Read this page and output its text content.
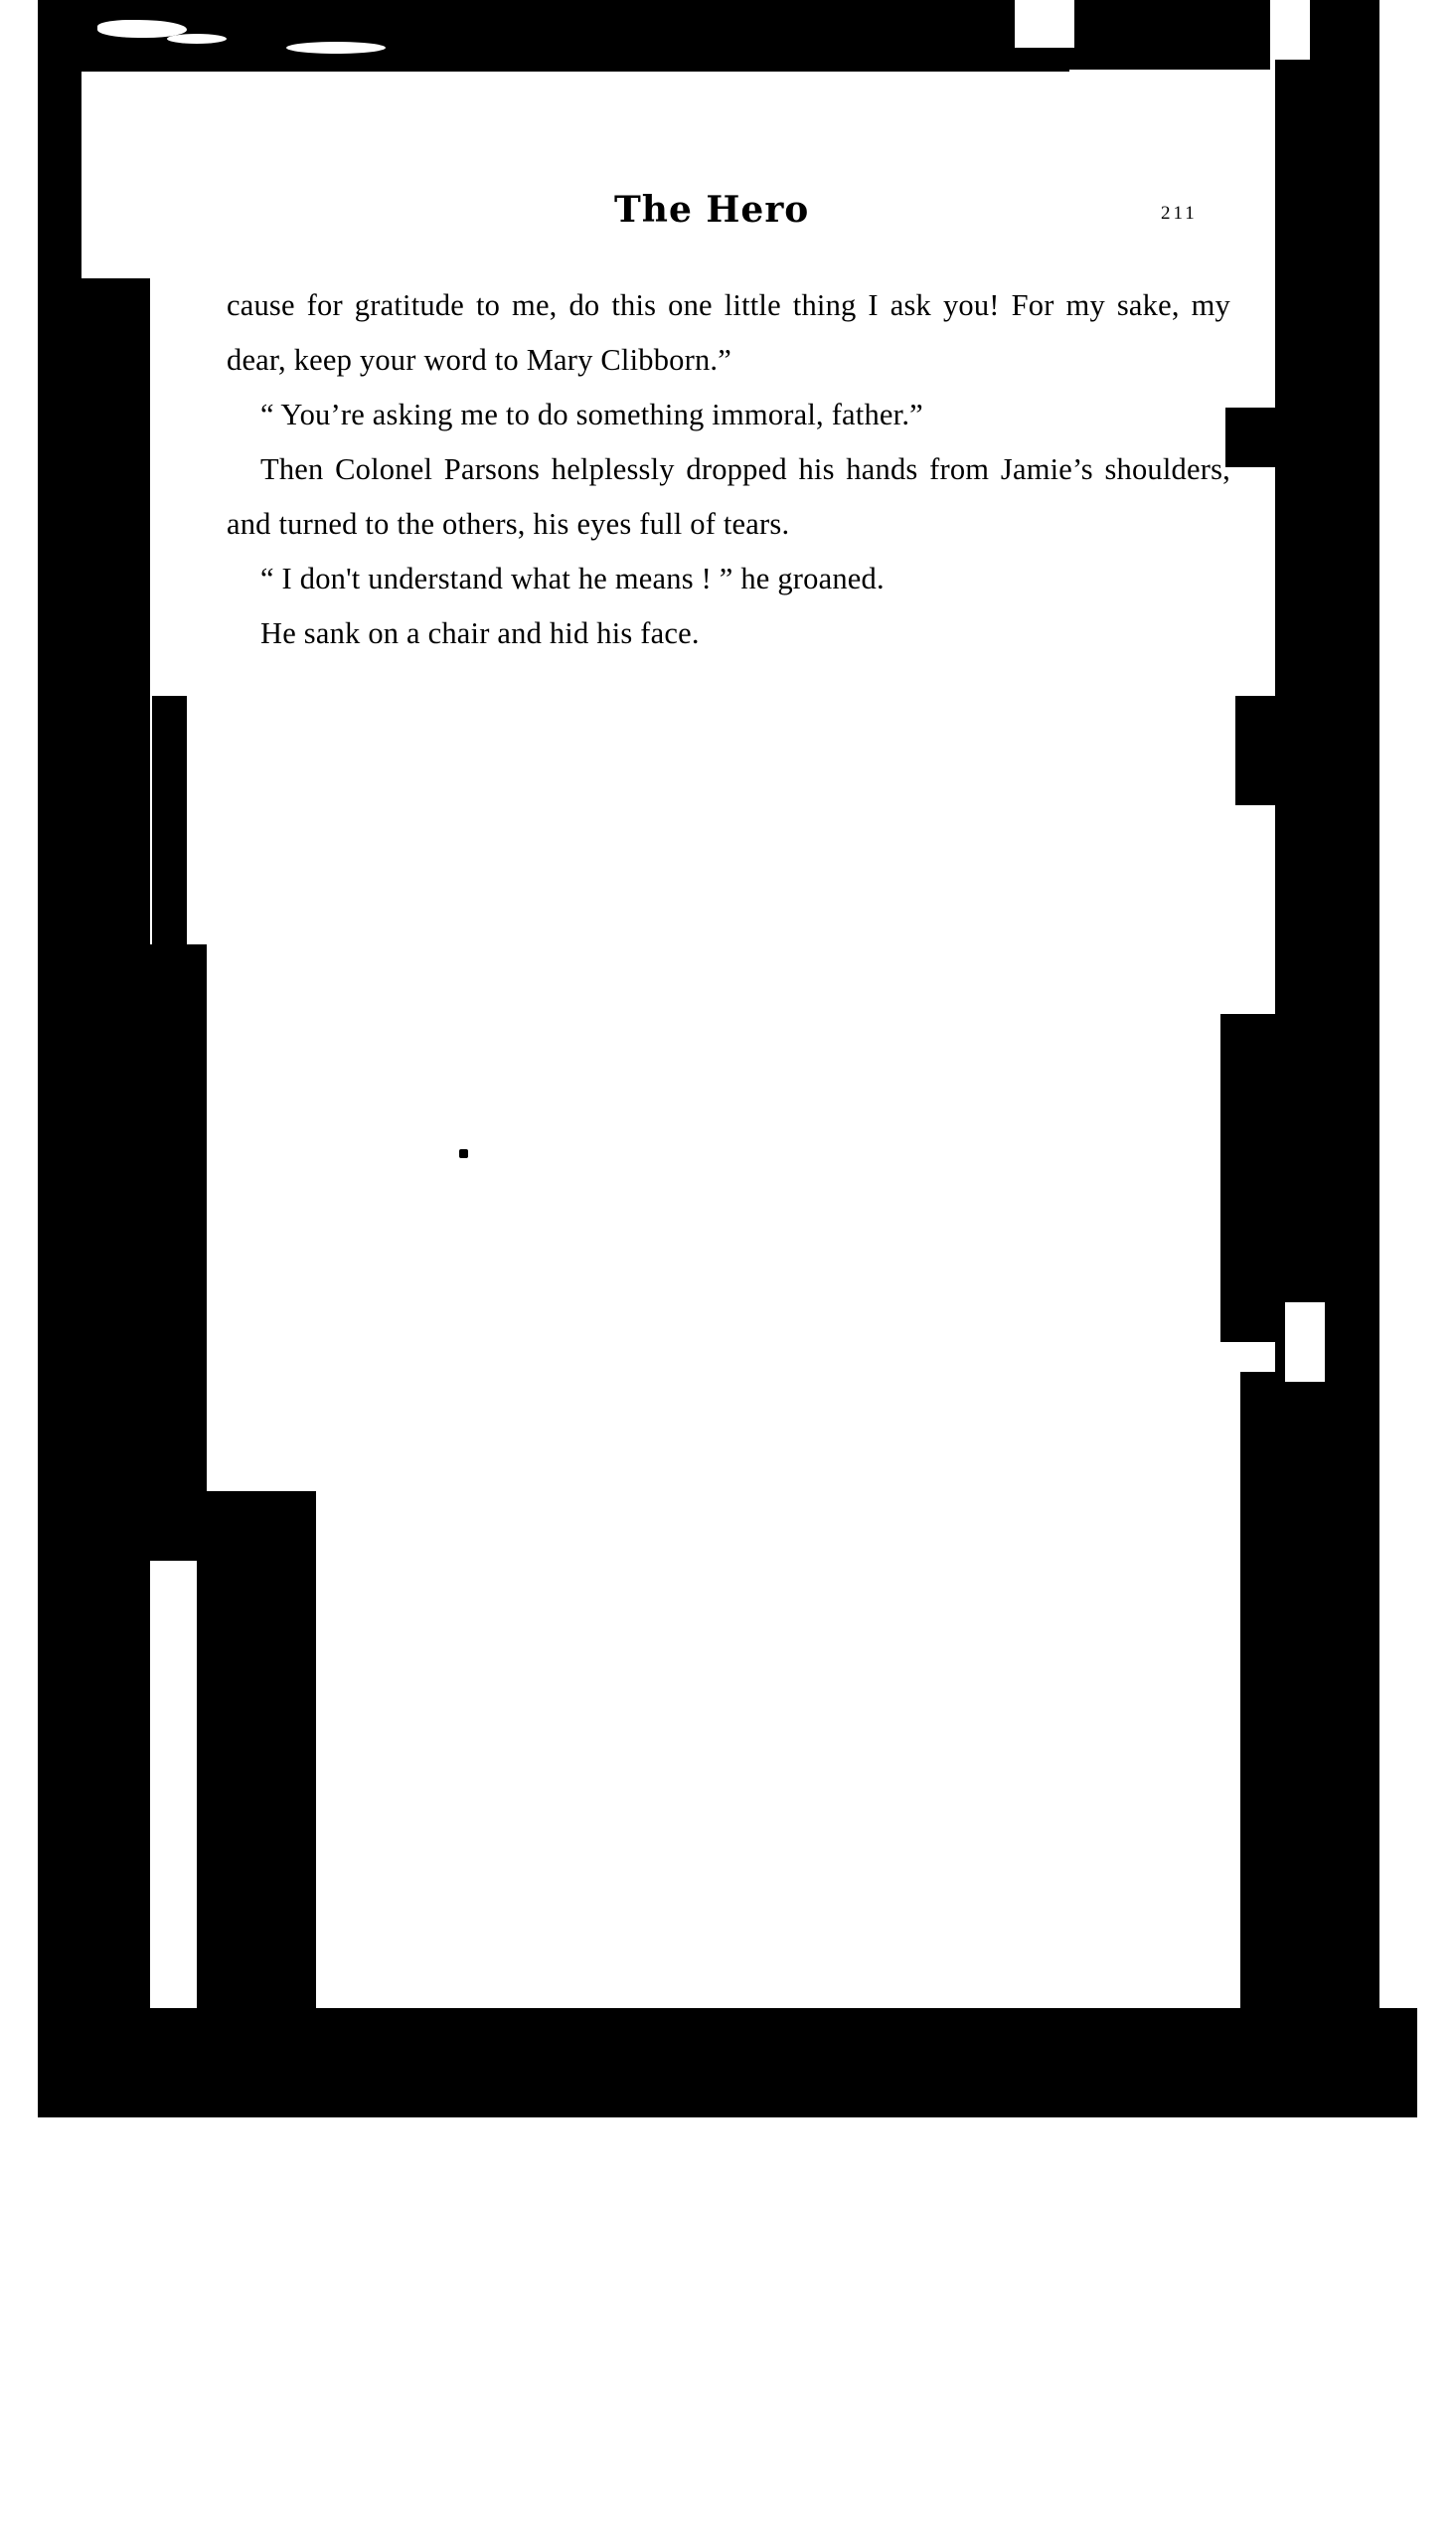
The Hero	211

cause for gratitude to me, do this one little thing I ask you! For my sake, my dear, keep your word to Mary Clibborn.”

“ You’re asking me to do something immoral, father.”

Then Colonel Parsons helplessly dropped his hands from Jamie’s shoulders, and turned to the others, his eyes full of tears.

“ I don't understand what he means ! ” he groaned.

He sank on a chair and hid his face.
